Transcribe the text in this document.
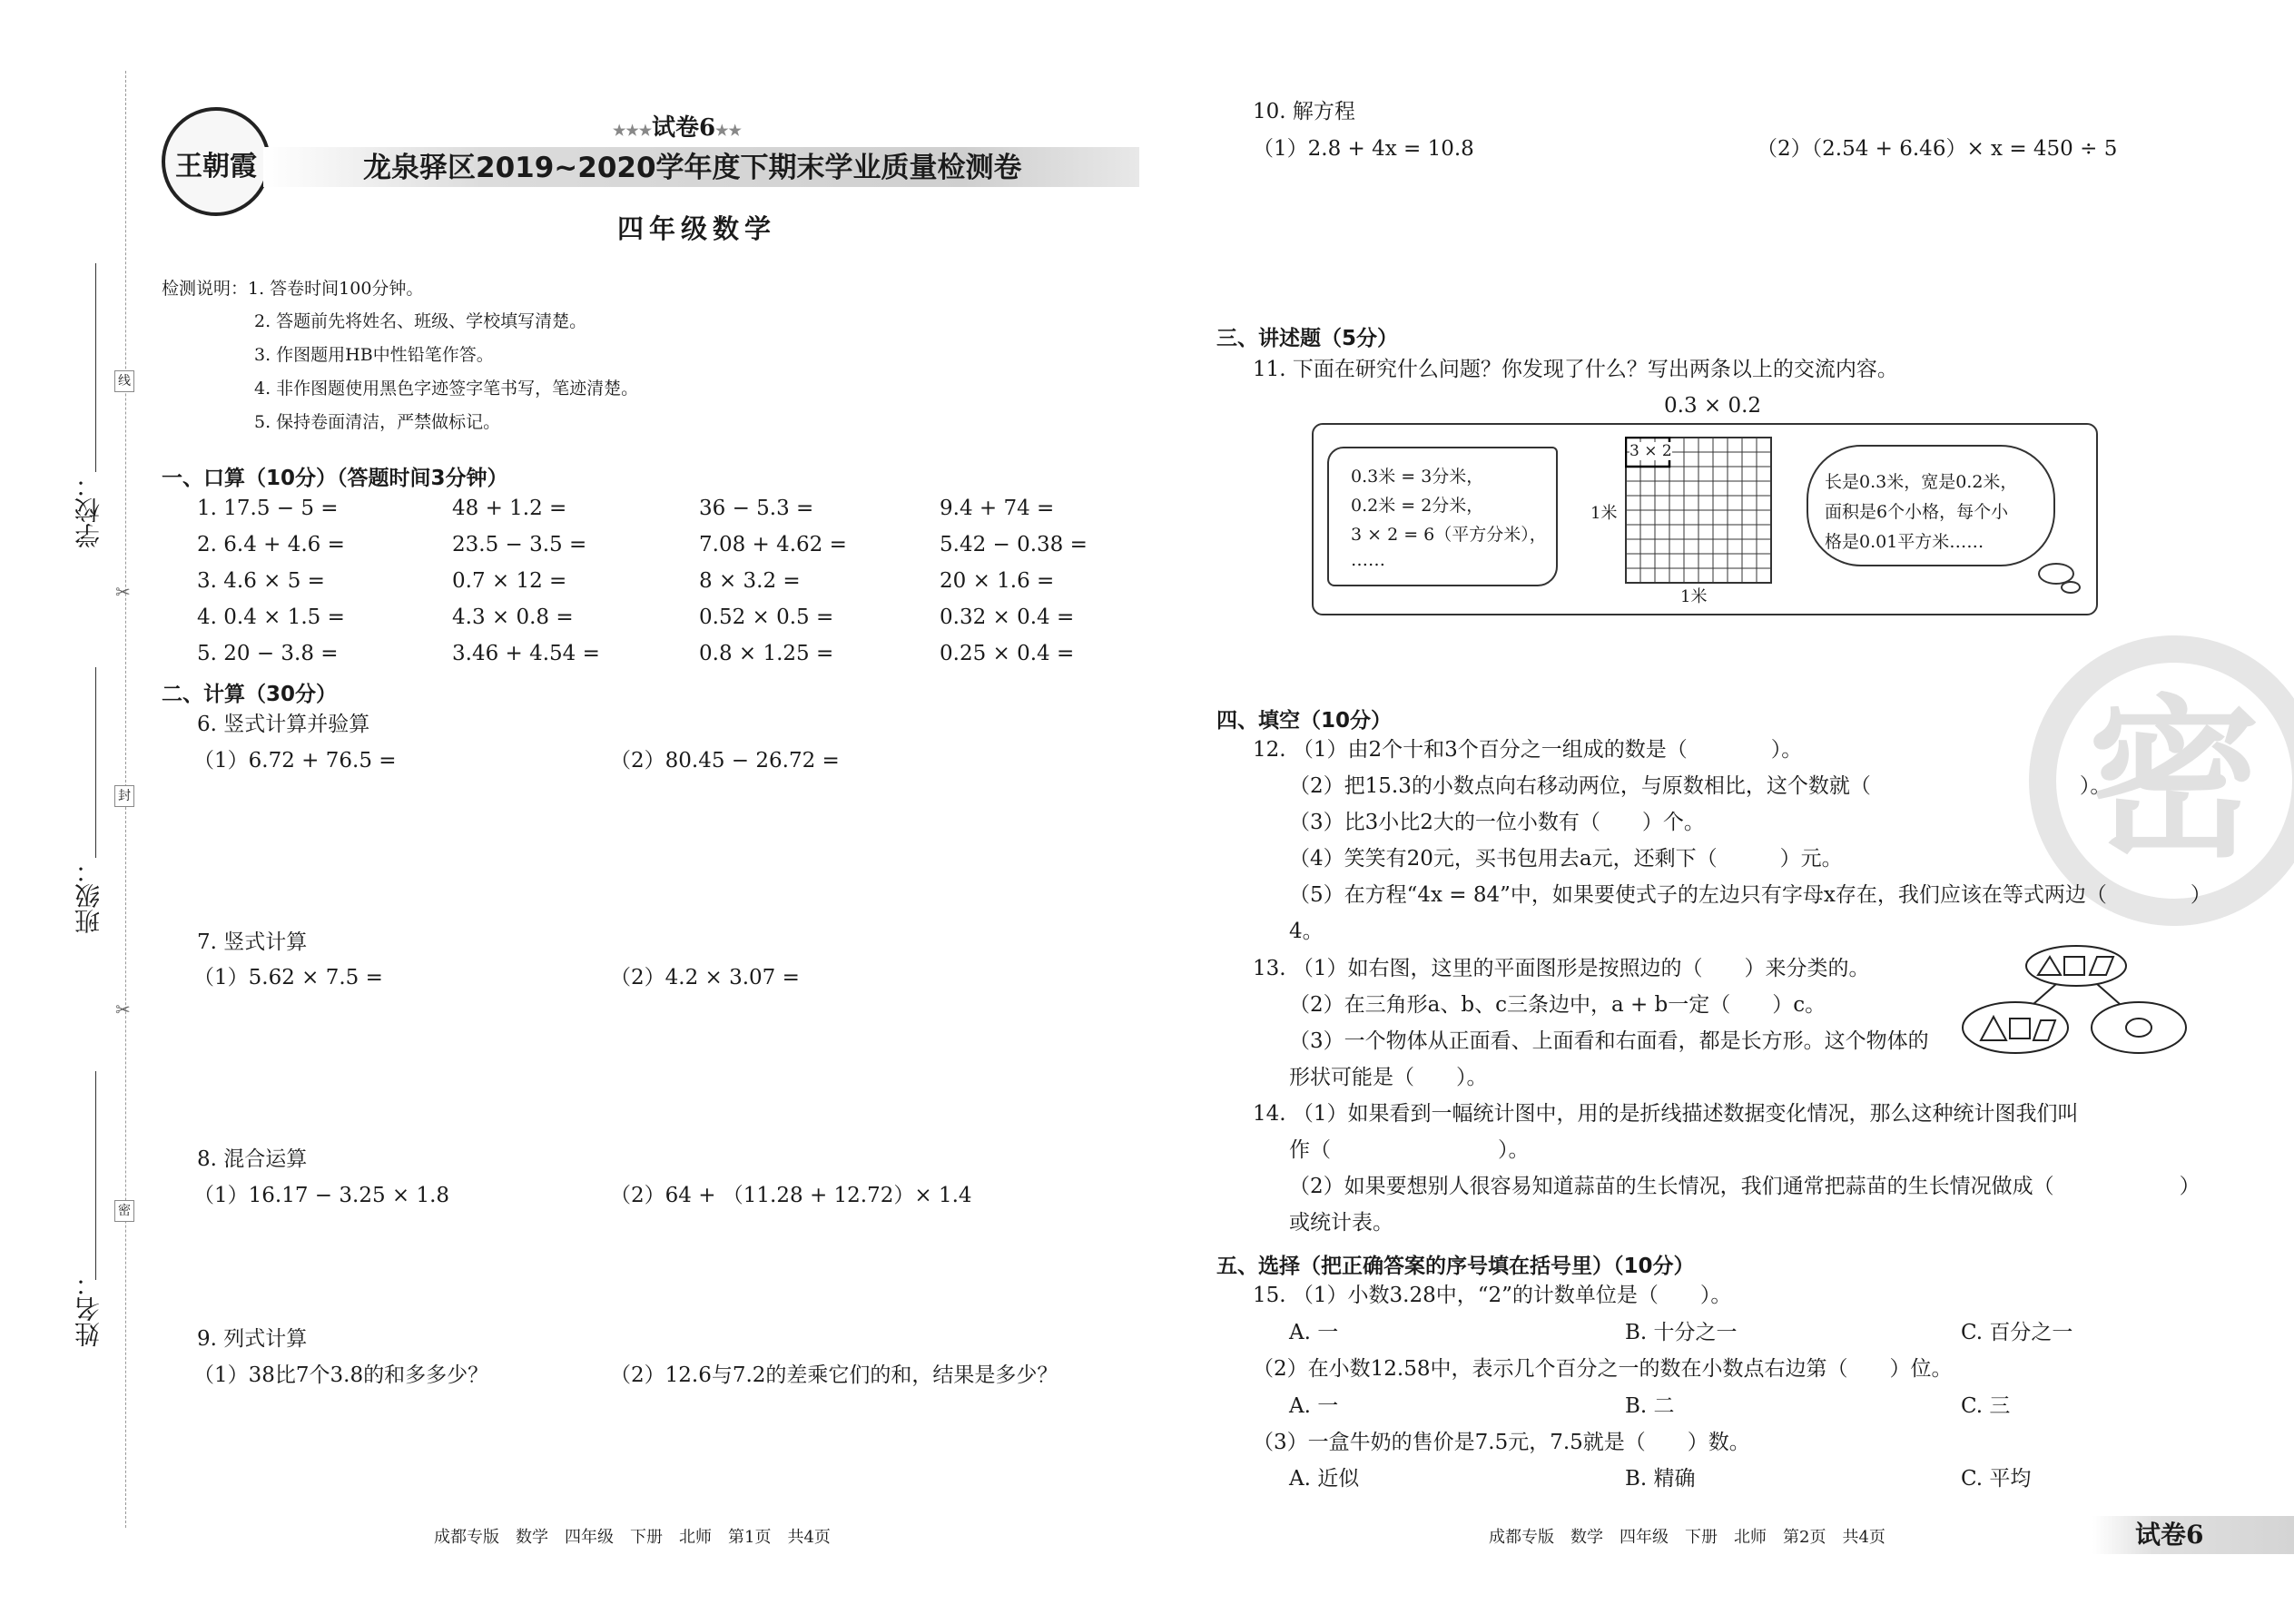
学校：
班级：
姓名：
线
封
密
✂
✂
王朝霞
★★★试卷6★★
龙泉驿区2019~2020学年度下期末学业质量检测卷
四年级数学
检测说明：1. 答卷时间100分钟。
2. 答题前先将姓名、班级、学校填写清楚。
3. 作图题用HB中性铅笔作答。
4. 非作图题使用黑色字迹签字笔书写，笔迹清楚。
5. 保持卷面清洁，严禁做标记。
一、口算（10分）（答题时间3分钟）
1. 17.5 − 5 =	48 + 1.2 =	36 − 5.3 =	9.4 + 74 =
2. 6.4 + 4.6 =	23.5 − 3.5 =	7.08 + 4.62 =	5.42 − 0.38 =
3. 4.6 × 5 =	0.7 × 12 =	8 × 3.2 =	20 × 1.6 =
4. 0.4 × 1.5 =	4.3 × 0.8 =	0.52 × 0.5 =	0.32 × 0.4 =
5. 20 − 3.8 =	3.46 + 4.54 =	0.8 × 1.25 =	0.25 × 0.4 =
二、计算（30分）
6. 竖式计算并验算
（1）6.72 + 76.5 =	（2）80.45 − 26.72 =
7. 竖式计算
（1）5.62 × 7.5 =	（2）4.2 × 3.07 =
8. 混合运算
（1）16.17 − 3.25 × 1.8	（2）64 + （11.28 + 12.72）× 1.4
9. 列式计算
（1）38比7个3.8的和多多少？	（2）12.6与7.2的差乘它们的和，结果是多少？
成都专版　数学　四年级　下册　北师　第1页　共4页
10. 解方程
（1）2.8 + 4x = 10.8	（2）（2.54 + 6.46）× x = 450 ÷ 5
三、讲述题（5分）
11. 下面在研究什么问题？你发现了什么？写出两条以上的交流内容。
0.3 × 0.2
0.3米 = 3分米，
0.2米 = 2分米，
3 × 2 = 6（平方分米），
……
3 × 2
1米
1米
长是0.3米，宽是0.2米，
面积是6个小格，每个小
格是0.01平方米……
密
四、填空（10分）
12. （1）由2个十和3个百分之一组成的数是（　　　　）。
（2）把15.3的小数点向右移动两位，与原数相比，这个数就（　　　　　　　　　　）。
（3）比3小比2大的一位小数有（　　）个。
（4）笑笑有20元，买书包用去a元，还剩下（　　　）元。
（5）在方程“4x = 84”中，如果要使式子的左边只有字母x存在，我们应该在等式两边（　　　　）
4。
13. （1）如右图，这里的平面图形是按照边的（　　）来分类的。
（2）在三角形a、b、c三条边中，a + b一定（　　）c。
（3）一个物体从正面看、上面看和右面看，都是长方形。这个物体的
形状可能是（　　）。
14. （1）如果看到一幅统计图中，用的是折线描述数据变化情况，那么这种统计图我们叫
作（　　　　　　　　）。
（2）如果要想别人很容易知道蒜苗的生长情况，我们通常把蒜苗的生长情况做成（　　　　　　）
或统计表。
五、选择（把正确答案的序号填在括号里）（10分）
15. （1）小数3.28中，“2”的计数单位是（　　）。
A. 一	B. 十分之一	C. 百分之一
（2）在小数12.58中，表示几个百分之一的数在小数点右边第（　　）位。
A. 一	B. 二	C. 三
（3）一盒牛奶的售价是7.5元，7.5就是（　　）数。
A. 近似	B. 精确	C. 平均
成都专版　数学　四年级　下册　北师　第2页　共4页	试卷6
